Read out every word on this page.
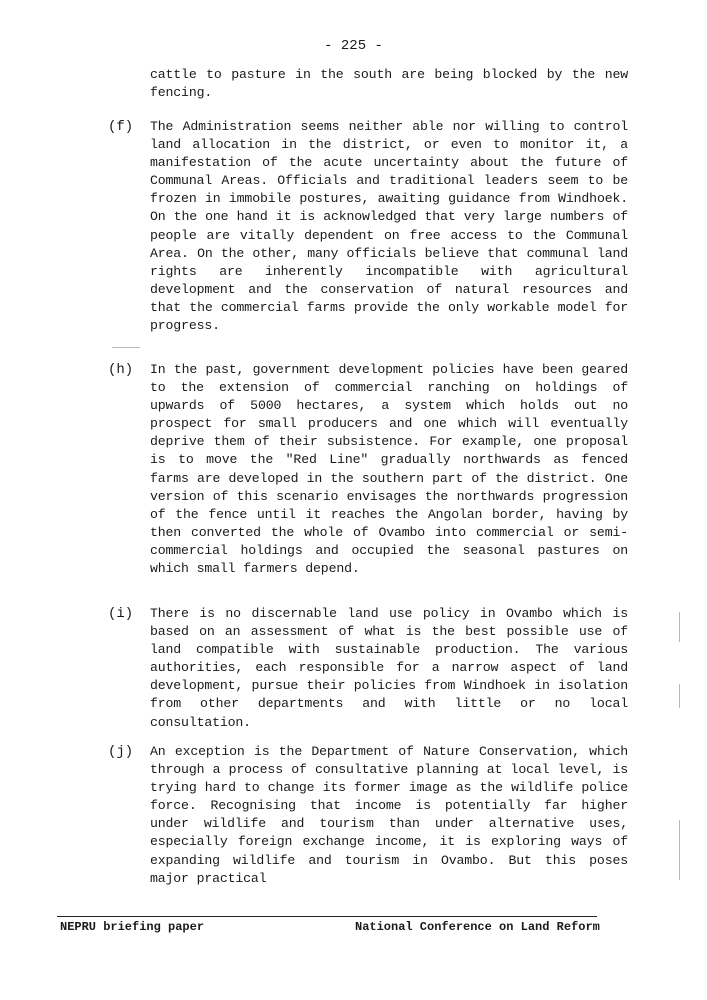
- 225 -
cattle to pasture in the south are being blocked by the new fencing.
(f) The Administration seems neither able nor willing to control land allocation in the district, or even to monitor it, a manifestation of the acute uncertainty about the future of Communal Areas. Officials and traditional leaders seem to be frozen in immobile postures, awaiting guidance from Windhoek. On the one hand it is acknowledged that very large numbers of people are vitally dependent on free access to the Communal Area. On the other, many officials believe that communal land rights are inherently incompatible with agricultural development and the conservation of natural resources and that the commercial farms provide the only workable model for progress.
(h) In the past, government development policies have been geared to the extension of commercial ranching on holdings of upwards of 5000 hectares, a system which holds out no prospect for small producers and one which will eventually deprive them of their subsistence. For example, one proposal is to move the "Red Line" gradually northwards as fenced farms are developed in the southern part of the district. One version of this scenario envisages the northwards progression of the fence until it reaches the Angolan border, having by then converted the whole of Ovambo into commercial or semi-commercial holdings and occupied the seasonal pastures on which small farmers depend.
(i) There is no discernable land use policy in Ovambo which is based on an assessment of what is the best possible use of land compatible with sustainable production. The various authorities, each responsible for a narrow aspect of land development, pursue their policies from Windhoek in isolation from other departments and with little or no local consultation.
(j) An exception is the Department of Nature Conservation, which through a process of consultative planning at local level, is trying hard to change its former image as the wildlife police force. Recognising that income is potentially far higher under wildlife and tourism than under alternative uses, especially foreign exchange income, it is exploring ways of expanding wildlife and tourism in Ovambo. But this poses major practical
NEPRU briefing paper	National Conference on Land Reform
